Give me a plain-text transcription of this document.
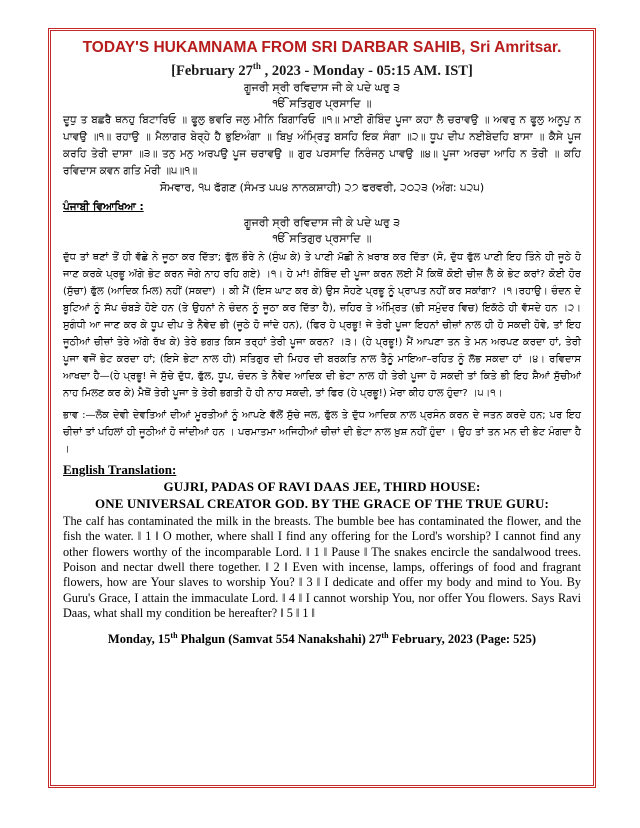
TODAY'S HUKAMNAMA FROM SRI DARBAR SAHIB, Sri Amritsar.
[February 27th , 2023 - Monday - 05:15 AM. IST]
ਗੂਜਰੀ ਸ੍ਰੀ ਰਵਿਦਾਸ ਜੀ ਕੇ ਪਦੇ ਘਰੁ ੩
ੴ ਸਤਿਗੁਰ ਪ੍ਰਸਾਦਿ ॥
ਦੂਧੁ ਤ ਬਛਰੈ ਥਨਹੁ ਬਿਟਾਰਿਓ ॥ ਫੂਲੁ ਭਵਰਿ ਜਲੁ ਮੀਨਿ ਬਿਗਾਰਿਓ ॥੧॥ ਮਾਈ ਗੋਬਿੰਦ ਪੂਜਾ ਕਹਾ ਲੈ ਚਰਾਵਉ ॥ ਅਵਰੁ ਨ ਫੂਲੁ ਅਨੂਪੁ ਨ ਪਾਵਉ ॥੧॥ ਰਹਾਉ ॥ ਮੈਲਾਗਰ ਬੇਰ੍ਹੇ ਹੈ ਭੁਇਅੰਗਾ ॥ ਬਿਖੁ ਅੰਮ੍ਰਿਤੁ ਬਸਹਿ ਇਕ ਸੰਗਾ ॥੨॥ ਧੂਪ ਦੀਪ ਨਈਬੇਦਹਿ ਬਾਸਾ ॥ ਕੈਸੇ ਪੂਜ ਕਰਹਿ ਤੇਰੀ ਦਾਸਾ ॥੩॥ ਤਨੁ ਮਨੁ ਅਰਪਉ ਪੂਜ ਚਰਾਵਉ ॥ ਗੁਰ ਪਰਸਾਦਿ ਨਿਰੰਜਨੁ ਪਾਵਉ ॥੪॥ ਪੂਜਾ ਅਰਚਾ ਆਹਿ ਨ ਤੋਰੀ ॥ ਕਹਿ ਰਵਿਦਾਸ ਕਵਨ ਗਤਿ ਮੋਰੀ ॥੫॥੧॥
ਸੋਮਵਾਰ, ੧੫ ਫੱਗਣ (ਸੰਮਤ ੫੫੪ ਨਾਨਕਸ਼ਾਹੀ) ੨੭ ਫਰਵਰੀ, ੨੦੨੩ (ਅੰਗ: ੫੨੫)
ਪੰਜਾਬੀ ਵਿਆਖਿਆ :
ਗੂਜਰੀ ਸ੍ਰੀ ਰਵਿਦਾਸ ਜੀ ਕੇ ਪਦੇ ਘਰੁ ੩
ੴ ਸਤਿਗੁਰ ਪ੍ਰਸਾਦਿ ॥
ਦੁੱਧ ਤਾਂ ਥਣਾਂ ਤੋਂ ਹੀ ਵੱਛੇ ਨੇ ਜੂਠਾ ਕਰ ਦਿੱਤਾ; ਫੁੱਲ ਭੌਰੇ ਨੇ (ਸੁੰਘ ਕੇ) ਤੇ ਪਾਣੀ ਮੱਛੀ ਨੇ ਖ਼ਰਾਬ ਕਰ ਦਿੱਤਾ (ਸੋ, ਦੁੱਧ ਫੁੱਲ ਪਾਣੀ ਇਹ ਤਿੰਨੇ ਹੀ ਜੂਠੇ ਹੋ ਜਾਣ ਕਰਕੇ ਪ੍ਰਭੂ ਅੱਗੇ ਭੇਟ ਕਰਨ ਜੋਗੇ ਨਾਹ ਰਹਿ ਗਏ) ।੧। ਹੇ ਮਾਂ! ਗੋਬਿੰਦ ਦੀ ਪੂਜਾ ਕਰਨ ਲਈ ਮੈਂ ਕਿਥੋਂ ਕੋਈ ਚੀਜ਼ ਲੈ ਕੇ ਭੇਟ ਕਰਾਂ? ਕੋਈ ਹੋਰ (ਸੁੱਚਾ) ਫੁੱਲ (ਆਦਿਕ ਮਿਲ) ਨਹੀਂ (ਸਕਦਾ) । ਕੀ ਮੈਂ (ਇਸ ਘਾਟ ਕਰ ਕੇ) ਉਸ ਸੋਹਣੇ ਪ੍ਰਭੂ ਨੂੰ ਪ੍ਰਾਪਤ ਨਹੀਂ ਕਰ ਸਕਾਂਗਾ? ।੧।ਰਹਾਉ। ਚੰਦਨ ਦੇ ਬੂਟਿਆਂ ਨੂੰ ਸੱਪ ਚੰਬੜੇ ਹੋਏ ਹਨ (ਤੇ ਉਹਨਾਂ ਨੇ ਚੰਦਨ ਨੂੰ ਜੂਠਾ ਕਰ ਦਿੱਤਾ ਹੈ), ਜ਼ਹਿਰ ਤੇ ਅੰਮ੍ਰਿਤ (ਭੀ ਸਮੁੰਦਰ ਵਿਚ) ਇਕੱਠੇ ਹੀ ਵੱਸਦੇ ਹਨ ।੨। ਸੁਗੰਧੀ ਆ ਜਾਣ ਕਰ ਕੇ ਧੂਪ ਦੀਪ ਤੇ ਨੈਵੇਦ ਭੀ (ਜੂਠੇ ਹੋ ਜਾਂਦੇ ਹਨ), (ਫਿਰ ਹੇ ਪ੍ਰਭੂ! ਜੇ ਤੇਰੀ ਪੂਜਾ ਇਹਨਾਂ ਚੀਜ਼ਾਂ ਨਾਲ ਹੀ ਹੋ ਸਕਦੀ ਹੋਵੇ, ਤਾਂ ਇਹ ਜੂਠੀਆਂ ਚੀਜ਼ਾਂ ਤੇਰੇ ਅੱਗੇ ਰੱਖ ਕੇ) ਤੇਰੇ ਭਗਤ ਕਿਸ ਤਰ੍ਹਾਂ ਤੇਰੀ ਪੂਜਾ ਕਰਨ? ।੩। (ਹੇ ਪ੍ਰਭੂ!) ਮੈਂ ਆਪਣਾ ਤਨ ਤੇ ਮਨ ਅਰਪਣ ਕਰਦਾ ਹਾਂ, ਤੇਰੀ ਪੂਜਾ ਵਜੋਂ ਭੇਟ ਕਰਦਾ ਹਾਂ; (ਇਸੇ ਭੇਟਾ ਨਾਲ ਹੀ) ਸਤਿਗੁਰ ਦੀ ਮਿਹਰ ਦੀ ਬਰਕਤਿ ਨਾਲ ਤੈਨੂੰ ਮਾਇਆ–ਰਹਿਤ ਨੂੰ ਲੱਭ ਸਕਦਾ ਹਾਂ ।੪। ਰਵਿਦਾਸ ਆਖਦਾ ਹੈ—(ਹੇ ਪ੍ਰਭੂ! ਜੇ ਸੁੱਚੇ ਦੁੱਧ, ਫੁੱਲ, ਧੂਪ, ਚੰਦਨ ਤੇ ਨੈਵੇਦ ਆਦਿਕ ਦੀ ਭੇਟਾ ਨਾਲ ਹੀ ਤੇਰੀ ਪੂਜਾ ਹੋ ਸਕਦੀ ਤਾਂ ਕਿਤੇ ਭੀ ਇਹ ਸ਼ੈਆਂ ਸੁੱਚੀਆਂ ਨਾਹ ਮਿਲਣ ਕਰ ਕੇ) ਮੈਥੋਂ ਤੇਰੀ ਪੂਜਾ ਤੇ ਤੇਰੀ ਭਗਤੀ ਹੋ ਹੀ ਨਾਹ ਸਕਦੀ, ਤਾਂ ਫਿਰ (ਹੇ ਪ੍ਰਭੂ!) ਮੇਰਾ ਕੀਹ ਹਾਲ ਹੁੰਦਾ? ।੫।੧।
ਭਾਵ :—ਲੋਕ ਦੇਵੀ ਦੇਵਤਿਆਂ ਦੀਆਂ ਮੂਰਤੀਆਂ ਨੂੰ ਆਪਣੇ ਵੱਲੋਂ ਸੁੱਚੇ ਜਲ, ਫੁੱਲ ਤੇ ਦੁੱਧ ਆਦਿਕ ਨਾਲ ਪ੍ਰਸੰਨ ਕਰਨ ਦੇ ਜਤਨ ਕਰਦੇ ਹਨ; ਪਰ ਇਹ ਚੀਜ਼ਾਂ ਤਾਂ ਪਹਿਲਾਂ ਹੀ ਜੂਠੀਆਂ ਹੋ ਜਾਂਦੀਆਂ ਹਨ । ਪਰਮਾਤਮਾ ਅਜਿਹੀਆਂ ਚੀਜ਼ਾਂ ਦੀ ਭੇਟਾ ਨਾਲ ਖ਼ੁਸ਼ ਨਹੀਂ ਹੁੰਦਾ । ਉਹ ਤਾਂ ਤਨ ਮਨ ਦੀ ਭੇਟ ਮੰਗਦਾ ਹੈ ।
English Translation:
GUJRI, PADAS OF RAVI DAAS JEE, THIRD HOUSE:
ONE UNIVERSAL CREATOR GOD. BY THE GRACE OF THE TRUE GURU:
The calf has contaminated the milk in the breasts. The bumble bee has contaminated the flower, and the fish the water. ‖ 1 ‖ O mother, where shall I find any offering for the Lord's worship? I cannot find any other flowers worthy of the incomparable Lord. ‖ 1 ‖ Pause ‖ The snakes encircle the sandalwood trees. Poison and nectar dwell there together. ‖ 2 ‖ Even with incense, lamps, offerings of food and fragrant flowers, how are Your slaves to worship You? ‖ 3 ‖ I dedicate and offer my body and mind to You. By Guru's Grace, I attain the immaculate Lord. ‖ 4 ‖ I cannot worship You, nor offer You flowers. Says Ravi Daas, what shall my condition be hereafter? ‖ 5 ‖ 1 ‖
Monday, 15th Phalgun (Samvat 554 Nanakshahi) 27th February, 2023 (Page: 525)
